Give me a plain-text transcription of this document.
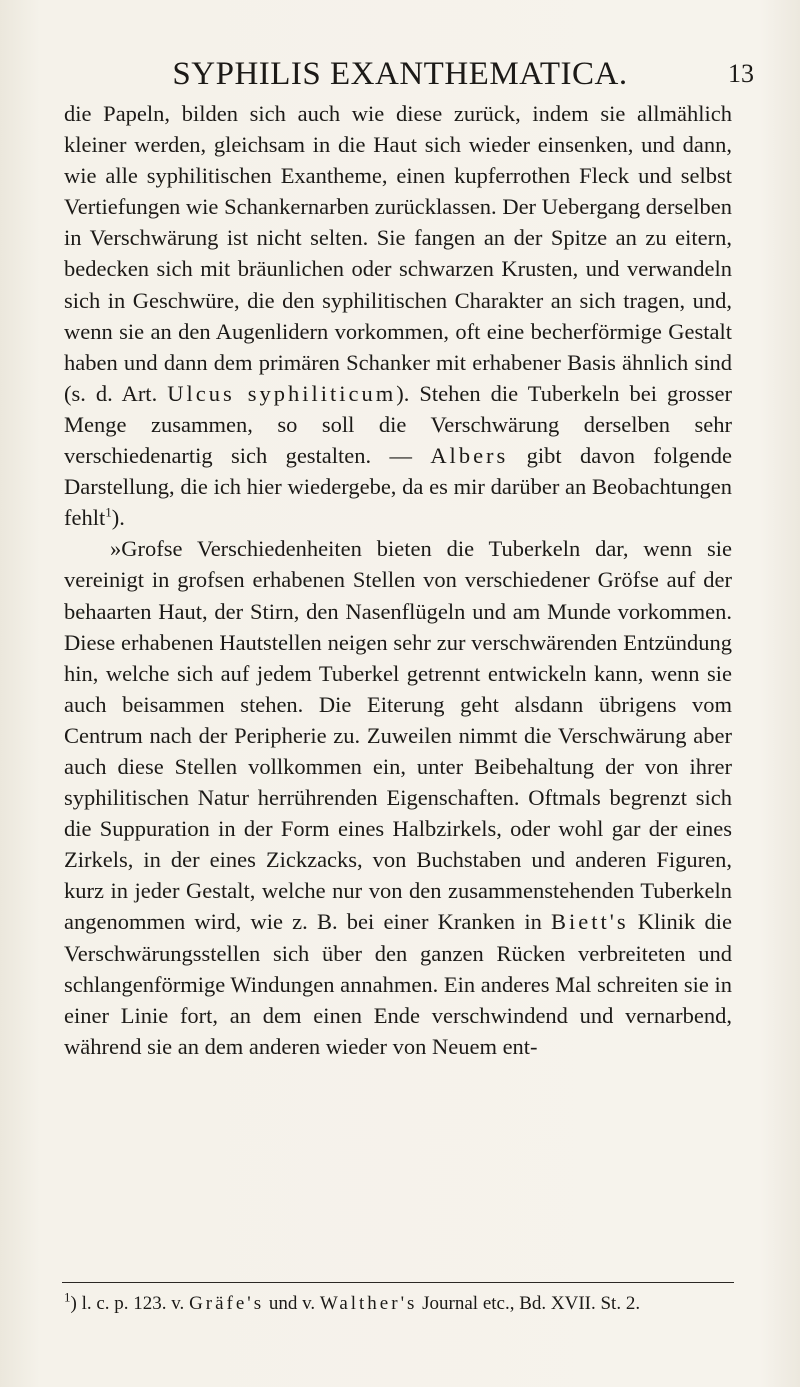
SYPHILIS EXANTHEMATICA.	13

die Papeln, bilden sich auch wie diese zurück, indem sie allmählich kleiner werden, gleichsam in die Haut sich wieder einsenken, und dann, wie alle syphilitischen Exantheme, einen kupferrothen Fleck und selbst Vertiefungen wie Schankernarben zurücklassen. Der Uebergang derselben in Verschwärung ist nicht selten. Sie fangen an der Spitze an zu eitern, bedecken sich mit bräunlichen oder schwarzen Krusten, und verwandeln sich in Geschwüre, die den syphilitischen Charakter an sich tragen, und, wenn sie an den Augenlidern vorkommen, oft eine becherförmige Gestalt haben und dann dem primären Schanker mit erhabener Basis ähnlich sind (s. d. Art. Ulcus syphiliticum). Stehen die Tuberkeln bei grosser Menge zusammen, so soll die Verschwärung derselben sehr verschiedenartig sich gestalten. — Albers gibt davon folgende Darstellung, die ich hier wiedergebe, da es mir darüber an Beobachtungen fehlt$^1$).

»Grofse Verschiedenheiten bieten die Tuberkeln dar, wenn sie vereinigt in grofsen erhabenen Stellen von verschiedener Gröfse auf der behaarten Haut, der Stirn, den Nasenflügeln und am Munde vorkommen. Diese erhabenen Hautstellen neigen sehr zur verschwärenden Entzündung hin, welche sich auf jedem Tuberkel getrennt entwickeln kann, wenn sie auch beisammen stehen. Die Eiterung geht alsdann übrigens vom Centrum nach der Peripherie zu. Zuweilen nimmt die Verschwärung aber auch diese Stellen vollkommen ein, unter Beibehaltung der von ihrer syphilitischen Natur herrührenden Eigenschaften. Oftmals begrenzt sich die Suppuration in der Form eines Halbzirkels, oder wohl gar der eines Zirkels, in der eines Zickzacks, von Buchstaben und anderen Figuren, kurz in jeder Gestalt, welche nur von den zusammenstehenden Tuberkeln angenommen wird, wie z. B. bei einer Kranken in Biett's Klinik die Verschwärungsstellen sich über den ganzen Rücken verbreiteten und schlangenförmige Windungen annahmen. Ein anderes Mal schreiten sie in einer Linie fort, an dem einen Ende verschwindend und vernarbend, während sie an dem anderen wieder von Neuem ent-

$^1$) l. c. p. 123. v. Gräfe's und v. Walther's Journal etc., Bd. XVII. St. 2.
